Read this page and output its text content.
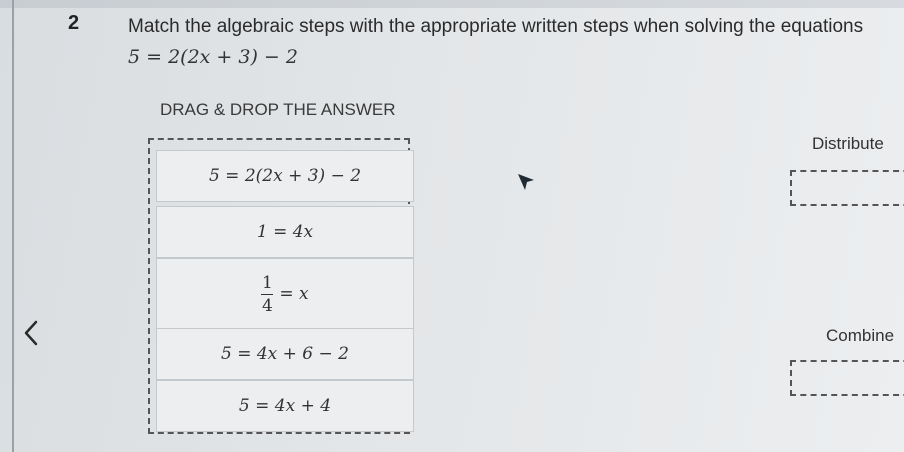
2	Match the algebraic steps with the appropriate written steps when solving the equations
5 = 2(2x + 3) − 2
DRAG & DROP THE ANSWER
5 = 2(2x + 3) − 2
1 = 4x
$\frac{1}{4} = x$
5 = 4x + 6 − 2
5 = 4x + 4
Distribute
Combine
